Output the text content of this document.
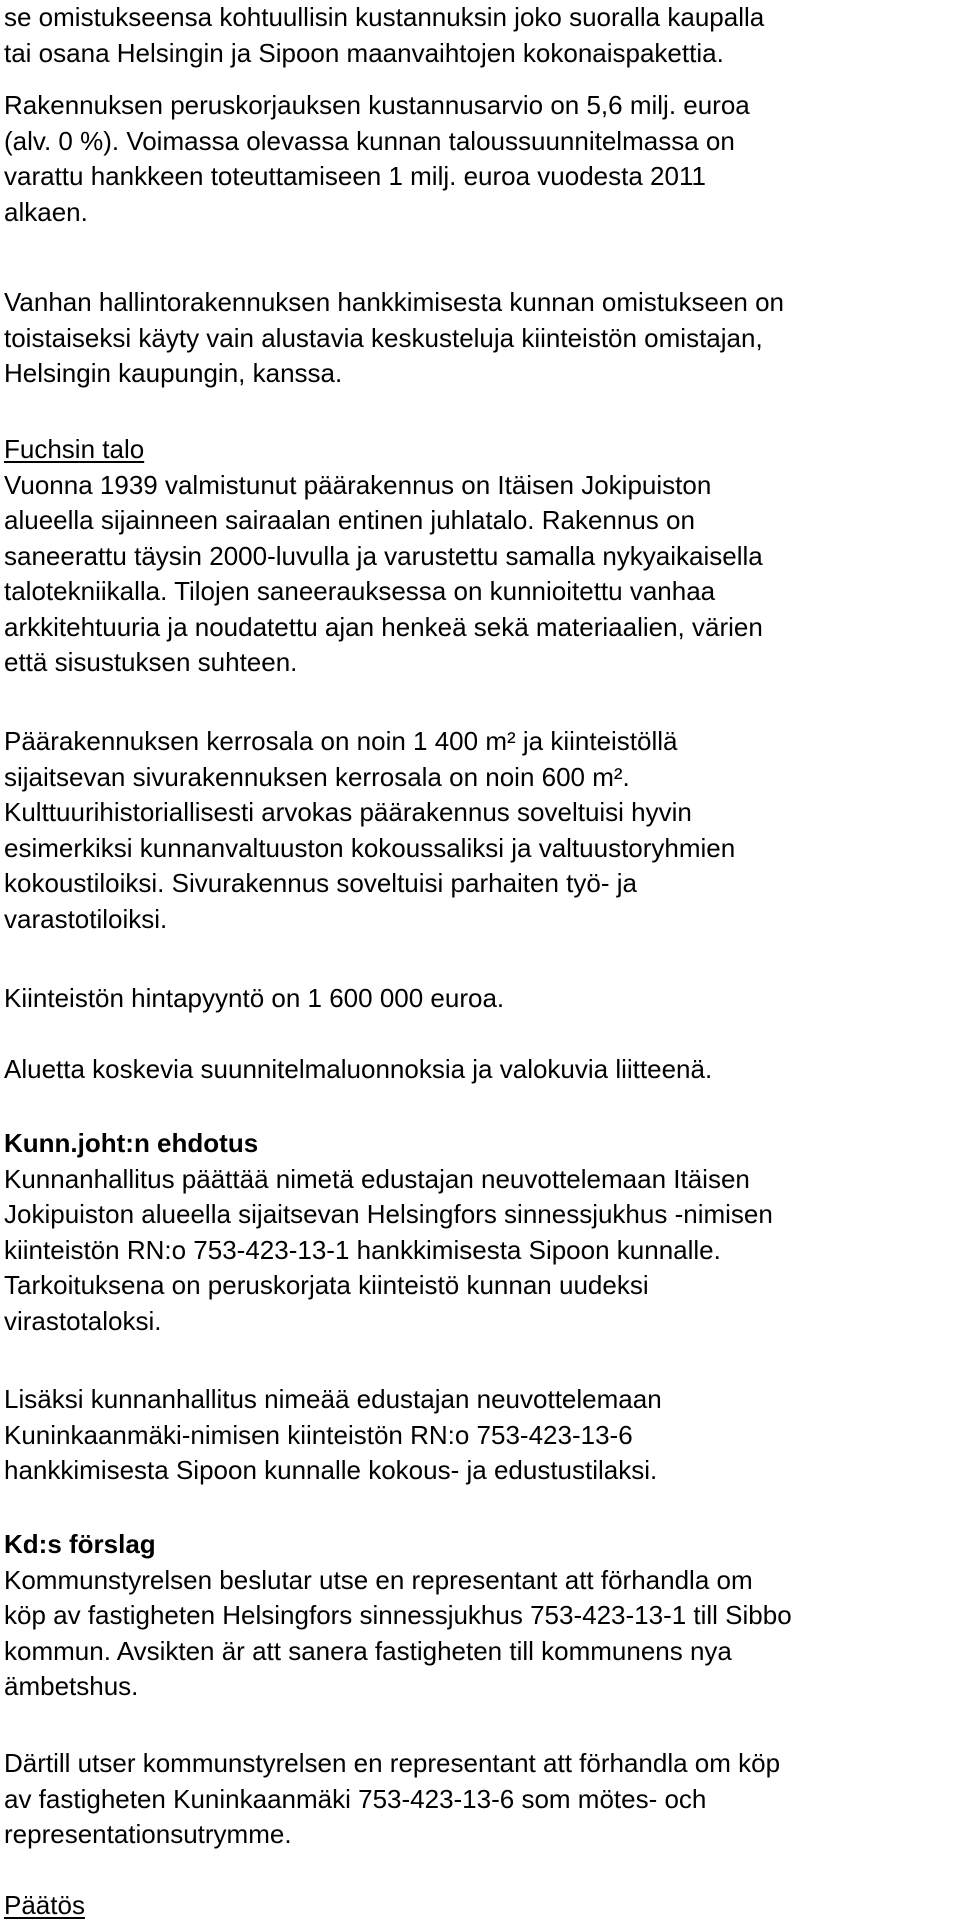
se omistukseensa kohtuullisin kustannuksin joko suoralla kaupalla
tai osana Helsingin ja Sipoon maanvaihtojen kokonaispakettia.
Rakennuksen peruskorjauksen kustannusarvio on 5,6 milj. euroa
(alv. 0 %). Voimassa olevassa kunnan taloussuunnitelmassa on
varattu hankkeen toteuttamiseen 1 milj. euroa vuodesta 2011
alkaen.
Vanhan hallintorakennuksen hankkimisesta kunnan omistukseen on
toistaiseksi käyty vain alustavia keskusteluja kiinteistön omistajan,
Helsingin kaupungin, kanssa.
Fuchsin talo
Vuonna 1939 valmistunut päärakennus on Itäisen Jokipuiston
alueella sijainneen sairaalan entinen juhlatalo. Rakennus on
saneerattu täysin 2000-luvulla ja varustettu samalla nykyaikaisella
talotekniikalla. Tilojen saneerauksessa on kunnioitettu vanhaa
arkkitehtuuria ja noudatettu ajan henkeä sekä materiaalien, värien
että sisustuksen suhteen.
Päärakennuksen kerrosala on noin 1 400 m² ja kiinteistöllä
sijaitsevan sivurakennuksen kerrosala on noin 600 m².
Kulttuurihistoriallisesti arvokas päärakennus soveltuisi hyvin
esimerkiksi kunnanvaltuuston kokoussaliksi ja valtuustoryhmien
kokoustiloiksi. Sivurakennus soveltuisi parhaiten työ- ja
varastotiloiksi.
Kiinteistön hintapyyntö on 1 600 000 euroa.
Aluetta koskevia suunnitelmaluonnoksia ja valokuvia liitteenä.
Kunn.joht:n ehdotus
Kunnanhallitus päättää nimetä edustajan neuvottelemaan Itäisen
Jokipuiston alueella sijaitsevan Helsingfors sinnessjukhus -nimisen
kiinteistön RN:o 753-423-13-1 hankkimisesta Sipoon kunnalle.
Tarkoituksena on peruskorjata kiinteistö kunnan uudeksi
virastotaloksi.
Lisäksi kunnanhallitus nimeää edustajan neuvottelemaan
Kuninkaanmäki-nimisen kiinteistön RN:o 753-423-13-6
hankkimisesta Sipoon kunnalle kokous- ja edustustilaksi.
Kd:s förslag
Kommunstyrelsen beslutar utse en representant att förhandla om
köp av fastigheten Helsingfors sinnessjukhus 753-423-13-1 till Sibbo
kommun. Avsikten är att sanera fastigheten till kommunens nya
ämbetshus.
Därtill utser kommunstyrelsen en representant att förhandla om köp
av fastigheten Kuninkaanmäki 753-423-13-6 som mötes- och
representationsutrymme.
Päätös
